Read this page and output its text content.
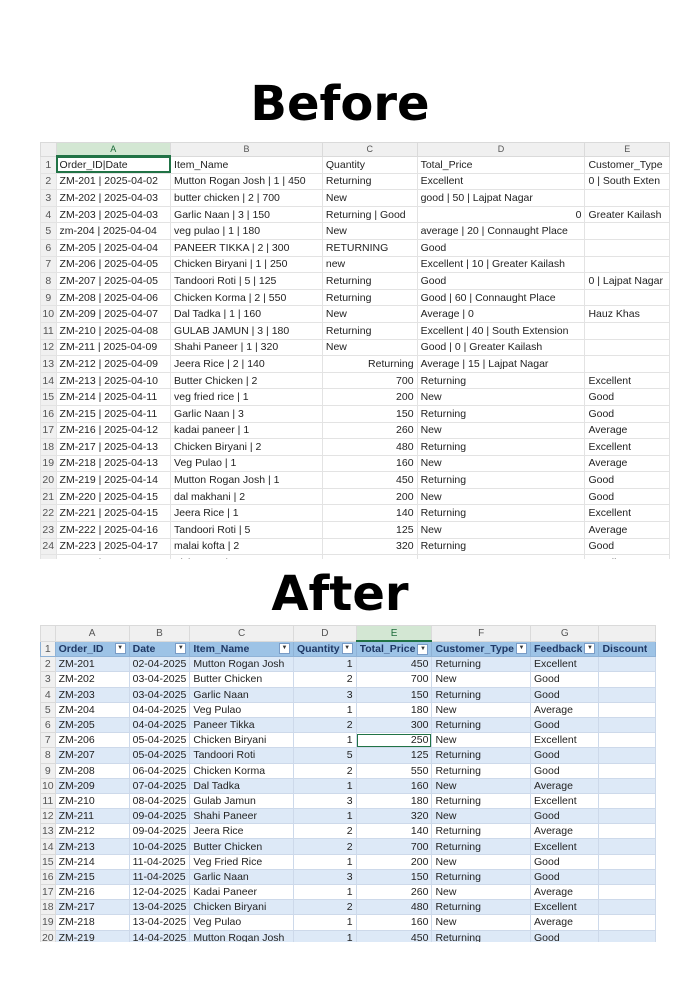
Before
	A	B	C	D	E
1	Order_ID|Date	Item_Name	Quantity	Total_Price	Customer_Type
2	ZM-201 | 2025-04-02	Mutton Rogan Josh | 1 | 450	Returning	Excellent	0 | South Exten
3	ZM-202 | 2025-04-03	butter chicken | 2 | 700	New	good | 50 | Lajpat Nagar	
4	ZM-203 | 2025-04-03	Garlic Naan | 3 | 150	Returning | Good	0	Greater Kailash
5	zm-204 | 2025-04-04	veg pulao | 1 | 180	New	average | 20 | Connaught Place	
6	ZM-205 | 2025-04-04	PANEER TIKKA | 2 | 300	RETURNING	Good	
7	ZM-206 | 2025-04-05	Chicken Biryani | 1 | 250	new	Excellent | 10 | Greater Kailash	
8	ZM-207 | 2025-04-05	Tandoori Roti | 5 | 125	Returning	Good	0 | Lajpat Nagar
9	ZM-208 | 2025-04-06	Chicken Korma | 2 | 550	Returning	Good | 60 | Connaught Place	
10	ZM-209 | 2025-04-07	Dal Tadka | 1 | 160	New	Average | 0	Hauz Khas
11	ZM-210 | 2025-04-08	GULAB JAMUN | 3 | 180	Returning	Excellent | 40 | South Extension	
12	ZM-211 | 2025-04-09	Shahi Paneer | 1 | 320	New	Good | 0 | Greater Kailash	
13	ZM-212 | 2025-04-09	Jeera Rice | 2 | 140	Returning	Average | 15 | Lajpat Nagar	
14	ZM-213 | 2025-04-10	Butter Chicken | 2	700	Returning	Excellent
15	ZM-214 | 2025-04-11	veg fried rice | 1	200	New	Good
16	ZM-215 | 2025-04-11	Garlic Naan | 3	150	Returning	Good
17	ZM-216 | 2025-04-12	kadai paneer | 1	260	New	Average
18	ZM-217 | 2025-04-13	Chicken Biryani | 2	480	Returning	Excellent
19	ZM-218 | 2025-04-13	Veg Pulao | 1	160	New	Average
20	ZM-219 | 2025-04-14	Mutton Rogan Josh | 1	450	Returning	Good
21	ZM-220 | 2025-04-15	dal makhani | 2	200	New	Good
22	ZM-221 | 2025-04-15	Jeera Rice | 1	140	Returning	Excellent
23	ZM-222 | 2025-04-16	Tandoori Roti | 5	125	New	Average
24	ZM-223 | 2025-04-17	malai kofta | 2	320	Returning	Good

After
	A	B	C	D	E	F	G	
1	Order_ID ▼	Date ▼	Item_Name ▼	Quantity ▼	Total_Price ▼	Customer_Type ▼	Feedback ▼	Discount

2	ZM-201	02-04-2025	Mutton Rogan Josh	1	450	Returning	Excellent	
3	ZM-202	03-04-2025	Butter Chicken	2	700	New	Good	
4	ZM-203	03-04-2025	Garlic Naan	3	150	Returning	Good	
5	ZM-204	04-04-2025	Veg Pulao	1	180	New	Average	
6	ZM-205	04-04-2025	Paneer Tikka	2	300	Returning	Good	
7	ZM-206	05-04-2025	Chicken Biryani	1	250	New	Excellent	
8	ZM-207	05-04-2025	Tandoori Roti	5	125	Returning	Good	
9	ZM-208	06-04-2025	Chicken Korma	2	550	Returning	Good	
10	ZM-209	07-04-2025	Dal Tadka	1	160	New	Average	
11	ZM-210	08-04-2025	Gulab Jamun	3	180	Returning	Excellent	
12	ZM-211	09-04-2025	Shahi Paneer	1	320	New	Good	
13	ZM-212	09-04-2025	Jeera Rice	2	140	Returning	Average	
14	ZM-213	10-04-2025	Butter Chicken	2	700	Returning	Excellent	
15	ZM-214	11-04-2025	Veg Fried Rice	1	200	New	Good	
16	ZM-215	11-04-2025	Garlic Naan	3	150	Returning	Good	
17	ZM-216	12-04-2025	Kadai Paneer	1	260	New	Average	
18	ZM-217	13-04-2025	Chicken Biryani	2	480	Returning	Excellent	
19	ZM-218	13-04-2025	Veg Pulao	1	160	New	Average	
20	ZM-219	14-04-2025	Mutton Rogan Josh	1	450	Returning	Good	
